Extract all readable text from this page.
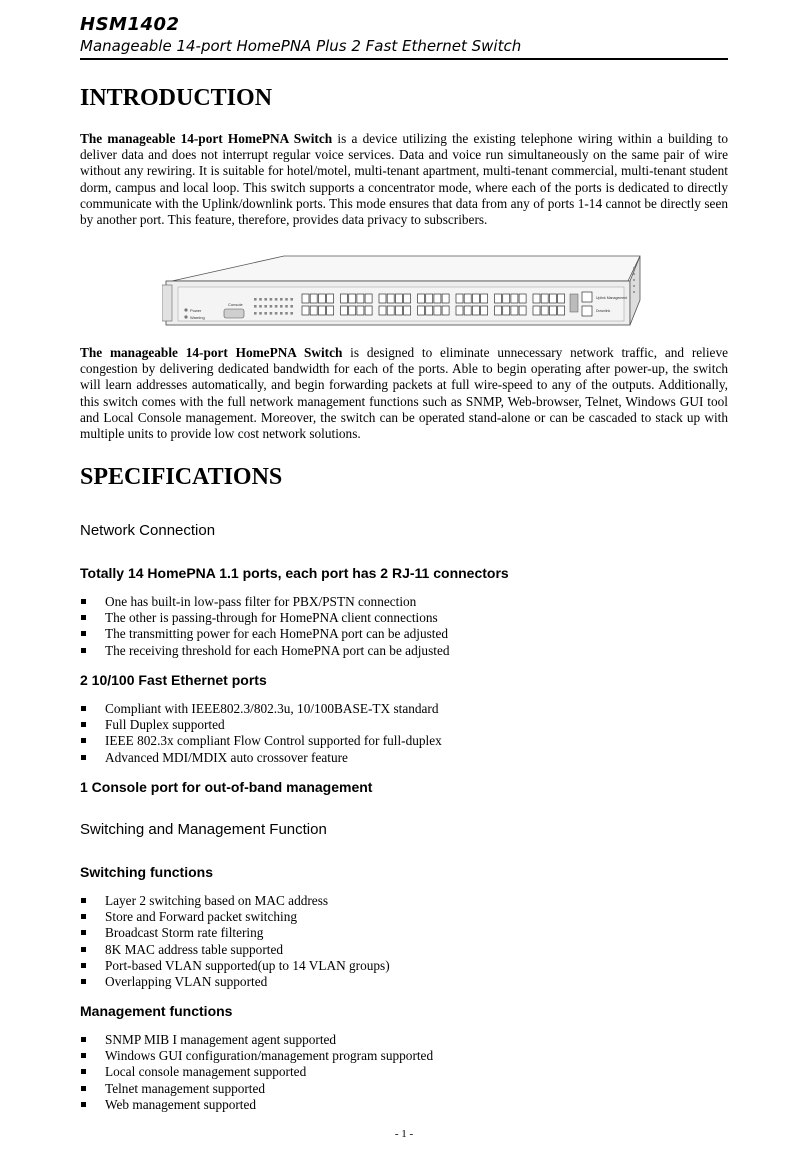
HSM1402
Manageable 14-port HomePNA Plus 2 Fast Ethernet Switch
INTRODUCTION
The manageable 14-port HomePNA Switch is a device utilizing the existing telephone wiring within a building to deliver data and does not interrupt regular voice services. Data and voice run simultaneously on the same pair of wire without any rewiring. It is suitable for hotel/motel, multi-tenant apartment, multi-tenant commercial, multi-tenant student dorm, campus and local loop. This switch supports a concentrator mode, where each of the ports is dedicated to directly communicate with the Uplink/downlink ports. This mode ensures that data from any of ports 1-14 cannot be directly seen by another port. This feature, therefore, provides data privacy to subscribers.
Power
Warning
Console
Uplink Management
Downlink
The manageable 14-port HomePNA Switch is designed to eliminate unnecessary network traffic, and relieve congestion by delivering dedicated bandwidth for each of the ports. Able to begin operating after power-up, the switch will learn addresses automatically, and begin forwarding packets at full wire-speed to any of the outputs. Additionally, this switch comes with the full network management functions such as SNMP, Web-browser, Telnet, Windows GUI tool and Local Console management. Moreover, the switch can be operated stand-alone or can be cascaded to stack up with multiple units to provide low cost network solutions.
SPECIFICATIONS
Network Connection
Totally 14 HomePNA 1.1 ports, each port has 2 RJ-11 connectors
One has built-in low-pass filter for PBX/PSTN connection
The other is passing-through for HomePNA client connections
The transmitting power for each HomePNA port can be adjusted
The receiving threshold for each HomePNA port can be adjusted
2 10/100 Fast Ethernet ports
Compliant with IEEE802.3/802.3u, 10/100BASE-TX standard
Full Duplex supported
IEEE 802.3x compliant Flow Control supported for full-duplex
Advanced MDI/MDIX auto crossover feature
1 Console port for out-of-band management
Switching and Management Function
Switching functions
Layer 2 switching based on MAC address
Store and Forward packet switching
Broadcast Storm rate filtering
8K MAC address table supported
Port-based VLAN supported(up to 14 VLAN groups)
Overlapping VLAN supported
Management functions
SNMP MIB I management agent supported
Windows GUI configuration/management program supported
Local console management supported
Telnet management supported
Web management supported
- 1 -
